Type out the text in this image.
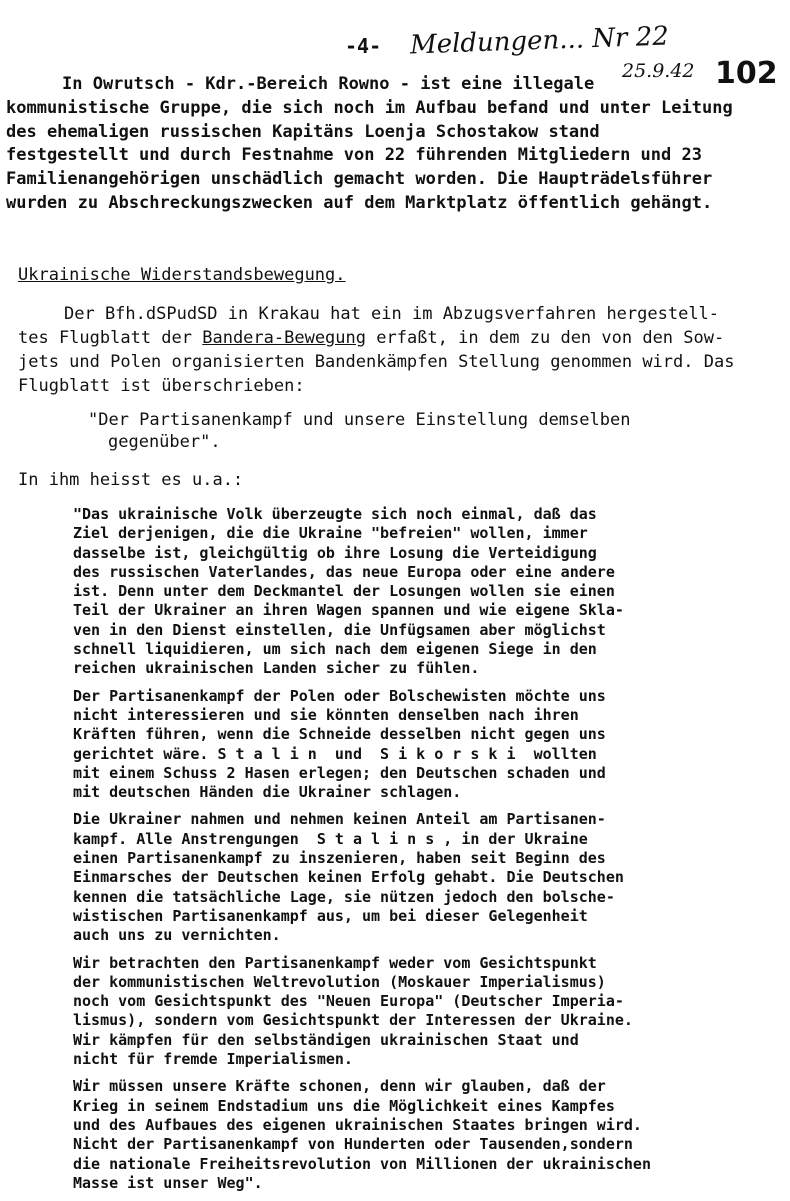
-4- Meldungen... Nr 22
25.9.42 102
In Owrutsch - Kdr.-Bereich Rowno - ist eine illegale
kommunistische Gruppe, die sich noch im Aufbau befand und unter Leitung
des ehemaligen russischen Kapitäns Loenja Schostakow stand
festgestellt und durch Festnahme von 22 führenden Mitgliedern und 23
Familienangehörigen unschädlich gemacht worden. Die Haupträdelsführer
wurden zu Abschreckungszwecken auf dem Marktplatz öffentlich gehängt.
Ukrainische Widerstandsbewegung.
Der Bfh.dSPudSD in Krakau hat ein im Abzugsverfahren hergestell-
tes Flugblatt der Bandera-Bewegung erfaßt, in dem zu den von den Sow-
jets und Polen organisierten Bandenkämpfen Stellung genommen wird. Das
Flugblatt ist überschrieben:
"Der Partisanenkampf und unsere Einstellung demselben
gegenüber".
In ihm heisst es u.a.:

"Das ukrainische Volk überzeugte sich noch einmal, daß das
Ziel derjenigen, die die Ukraine "befreien" wollen, immer
dasselbe ist, gleichgültig ob ihre Losung die Verteidigung
des russischen Vaterlandes, das neue Europa oder eine andere
ist. Denn unter dem Deckmantel der Losungen wollen sie einen
Teil der Ukrainer an ihren Wagen spannen und wie eigene Skla-
ven in den Dienst einstellen, die Unfügsamen aber möglichst
schnell liquidieren, um sich nach dem eigenen Siege in den
reichen ukrainischen Landen sicher zu fühlen.

Der Partisanenkampf der Polen oder Bolschewisten möchte uns
nicht interessieren und sie könnten denselben nach ihren
Kräften führen, wenn die Schneide desselben nicht gegen uns
gerichtet wäre. S t a l i n  und  S i k o r s k i  wollten
mit einem Schuss 2 Hasen erlegen; den Deutschen schaden und
mit deutschen Händen die Ukrainer schlagen.

Die Ukrainer nahmen und nehmen keinen Anteil am Partisanen-
kampf. Alle Anstrengungen  S t a l i n s , in der Ukraine
einen Partisanenkampf zu inszenieren, haben seit Beginn des
Einmarsches der Deutschen keinen Erfolg gehabt. Die Deutschen
kennen die tatsächliche Lage, sie nützen jedoch den bolsche-
wistischen Partisanenkampf aus, um bei dieser Gelegenheit
auch uns zu vernichten.

Wir betrachten den Partisanenkampf weder vom Gesichtspunkt
der kommunistischen Weltrevolution (Moskauer Imperialismus)
noch vom Gesichtspunkt des "Neuen Europa" (Deutscher Imperia-
lismus), sondern vom Gesichtspunkt der Interessen der Ukraine.
Wir kämpfen für den selbständigen ukrainischen Staat und
nicht für fremde Imperialismen.

Wir müssen unsere Kräfte schonen, denn wir glauben, daß der
Krieg in seinem Endstadium uns die Möglichkeit eines Kampfes
und des Aufbaues des eigenen ukrainischen Staates bringen wird.
Nicht der Partisanenkampf von Hunderten oder Tausenden,sondern
die nationale Freiheitsrevolution von Millionen der ukrainischen
Masse ist unser Weg".
